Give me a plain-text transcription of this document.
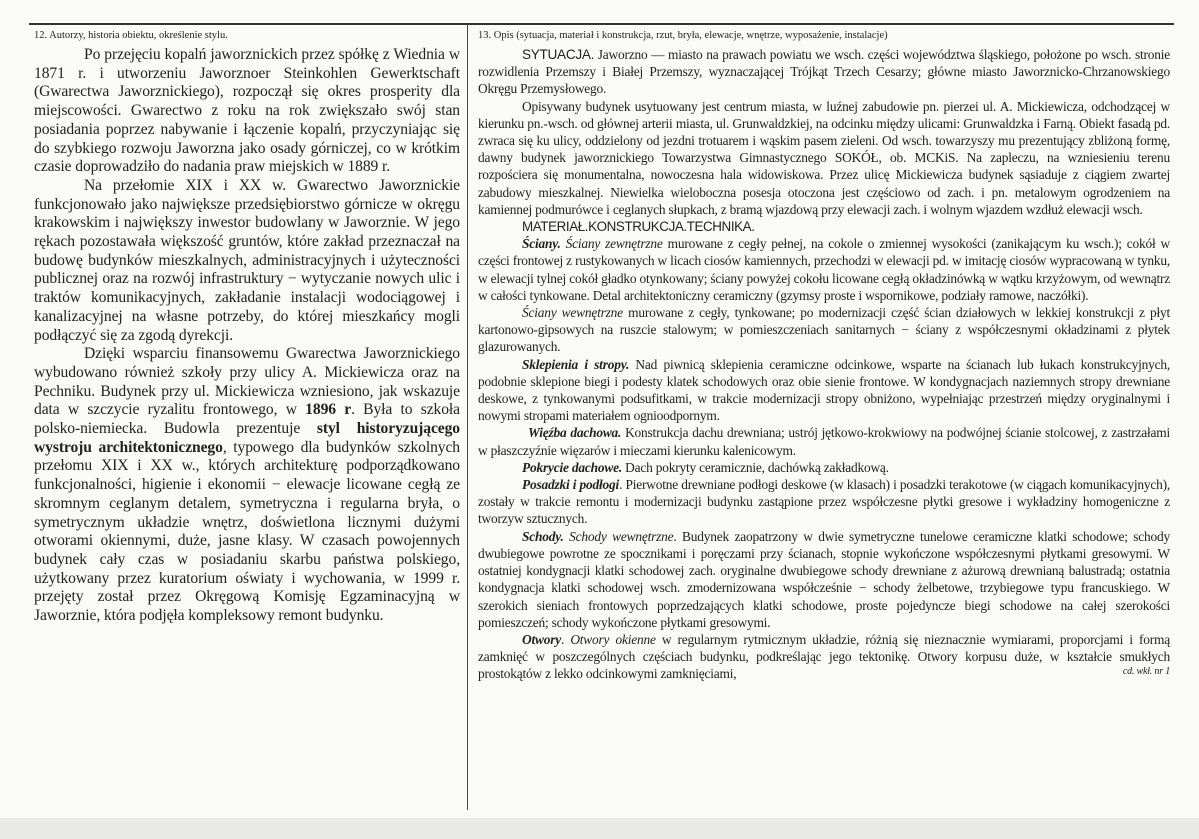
12. Autorzy, historia obiektu, określenie stylu.

Po przejęciu kopalń jaworznickich przez spółkę z Wiednia w 1871 r. i utworzeniu Jaworznoer Steinkohlen Gewerktschaft (Gwarectwa Jaworznickiego), rozpoczął się okres prosperity dla miejscowości. Gwarectwo z roku na rok zwiększało swój stan posiadania poprzez nabywanie i łączenie kopalń, przyczyniając się do szybkiego rozwoju Jaworzna jako osady górniczej, co w krótkim czasie doprowadziło do nadania praw miejskich w 1889 r.

Na przełomie XIX i XX w. Gwarectwo Jaworznickie funkcjonowało jako największe przedsiębiorstwo górnicze w okręgu krakowskim i największy inwestor budowlany w Jaworznie. W jego rękach pozostawała większość gruntów, które zakład przeznaczał na budowę budynków mieszkalnych, administracyjnych i użyteczności publicznej oraz na rozwój infrastruktury − wytyczanie nowych ulic i traktów komunikacyjnych, zakładanie instalacji wodociągowej i kanalizacyjnej na własne potrzeby, do której mieszkańcy mogli podłączyć się za zgodą dyrekcji.

Dzięki wsparciu finansowemu Gwarectwa Jaworznickiego wybudowano również szkoły przy ulicy A. Mickiewicza oraz na Pechniku. Budynek przy ul. Mickiewicza wzniesiono, jak wskazuje data w szczycie ryzalitu frontowego, w 1896 r. Była to szkoła polsko-niemiecka. Budowla prezentuje styl historyzującego wystroju architektonicznego, typowego dla budynków szkolnych przełomu XIX i XX w., których architekturę podporządkowano funkcjonalności, higienie i ekonomii − elewacje licowane cegłą ze skromnym ceglanym detalem, symetryczna i regularna bryła, o symetrycznym układzie wnętrz, doświetlona licznymi dużymi otworami okiennymi, duże, jasne klasy. W czasach powojennych budynek cały czas w posiadaniu skarbu państwa polskiego, użytkowany przez kuratorium oświaty i wychowania, w 1999 r. przejęty został przez Okręgową Komisję Egzaminacyjną w Jaworznie, która podjęła kompleksowy remont budynku.

13. Opis (sytuacja, materiał i konstrukcja, rzut, bryła, elewacje, wnętrze, wyposażenie, instalacje)

SYTUACJA. Jaworzno — miasto na prawach powiatu we wsch. części województwa śląskiego, położone po wsch. stronie rozwidlenia Przemszy i Białej Przemszy, wyznaczającej Trójkąt Trzech Cesarzy; główne miasto Jaworznicko-Chrzanowskiego Okręgu Przemysłowego.

Opisywany budynek usytuowany jest centrum miasta, w luźnej zabudowie pn. pierzei ul. A. Mickiewicza, odchodzącej w kierunku pn.-wsch. od głównej arterii miasta, ul. Grunwaldzkiej, na odcinku między ulicami: Grunwaldzka i Farną. Obiekt fasadą pd. zwraca się ku ulicy, oddzielony od jezdni trotuarem i wąskim pasem zieleni. Od wsch. towarzyszy mu prezentujący zbliżoną formę, dawny budynek jaworznickiego Towarzystwa Gimnastycznego SOKÓŁ, ob. MCKiS. Na zapleczu, na wzniesieniu terenu rozpościera się monumentalna, nowoczesna hala widowiskowa. Przez ulicę Mickiewicza budynek sąsiaduje z ciągiem zwartej zabudowy mieszkalnej. Niewielka wieloboczna posesja otoczona jest częściowo od zach. i pn. metalowym ogrodzeniem na kamiennej podmurówce i ceglanych słupkach, z bramą wjazdową przy elewacji zach. i wolnym wjazdem wzdłuż elewacji wsch.

MATERIAŁ.KONSTRUKCJA.TECHNIKA.

Ściany. Ściany zewnętrzne murowane z cegły pełnej, na cokole o zmiennej wysokości (zanikającym ku wsch.); cokół w części frontowej z rustykowanych w licach ciosów kamiennych, przechodzi w elewacji pd. w imitację ciosów wypracowaną w tynku, w elewacji tylnej cokół gładko otynkowany; ściany powyżej cokołu licowane cegłą okładzinówką w wątku krzyżowym, od wewnątrz w całości tynkowane. Detal architektoniczny ceramiczny (gzymsy proste i wspornikowe, podziały ramowe, naczółki).

Ściany wewnętrzne murowane z cegły, tynkowane; po modernizacji część ścian działowych w lekkiej konstrukcji z płyt kartonowo-gipsowych na ruszcie stalowym; w pomieszczeniach sanitarnych − ściany z współczesnymi okładzinami z płytek glazurowanych.

Sklepienia i stropy. Nad piwnicą sklepienia ceramiczne odcinkowe, wsparte na ścianach lub łukach konstrukcyjnych, podobnie sklepione biegi i podesty klatek schodowych oraz obie sienie frontowe. W kondygnacjach naziemnych stropy drewniane deskowe, z tynkowanymi podsufitkami, w trakcie modernizacji stropy obniżono, wypełniając przestrzeń między oryginalnymi i nowymi stropami materiałem ognioodpornym.

Więźba dachowa. Konstrukcja dachu drewniana; ustrój jętkowo-krokwiowy na podwójnej ścianie stolcowej, z zastrzałami w płaszczyźnie więzarów i mieczami kierunku kalenicowym.

Pokrycie dachowe. Dach pokryty ceramicznie, dachówką zakładkową.

Posadzki i podłogi. Pierwotne drewniane podłogi deskowe (w klasach) i posadzki terakotowe (w ciągach komunikacyjnych), zostały w trakcie remontu i modernizacji budynku zastąpione przez współczesne płytki gresowe i wykładziny homogeniczne z tworzyw sztucznych.

Schody. Schody wewnętrzne. Budynek zaopatrzony w dwie symetryczne tunelowe ceramiczne klatki schodowe; schody dwubiegowe powrotne ze spocznikami i poręczami przy ścianach, stopnie wykończone współczesnymi płytkami gresowymi. W ostatniej kondygnacji klatki schodowej zach. oryginalne dwubiegowe schody drewniane z ażurową drewnianą balustradą; ostatnia kondygnacja klatki schodowej wsch. zmodernizowana współcześnie − schody żelbetowe, trzybiegowe typu francuskiego. W szerokich sieniach frontowych poprzedzających klatki schodowe, proste pojedyncze biegi schodowe na całej szerokości pomieszczeń; schody wykończone płytkami gresowymi.

Otwory. Otwory okienne w regularnym rytmicznym układzie, różnią się nieznacznie wymiarami, proporcjami i formą zamknięć w poszczególnych częściach budynku, podkreślając jego tektonikę. Otwory korpusu duże, w kształcie smukłych prostokątów z lekko odcinkowymi zamknięciami,	cd. wkł. nr 1
